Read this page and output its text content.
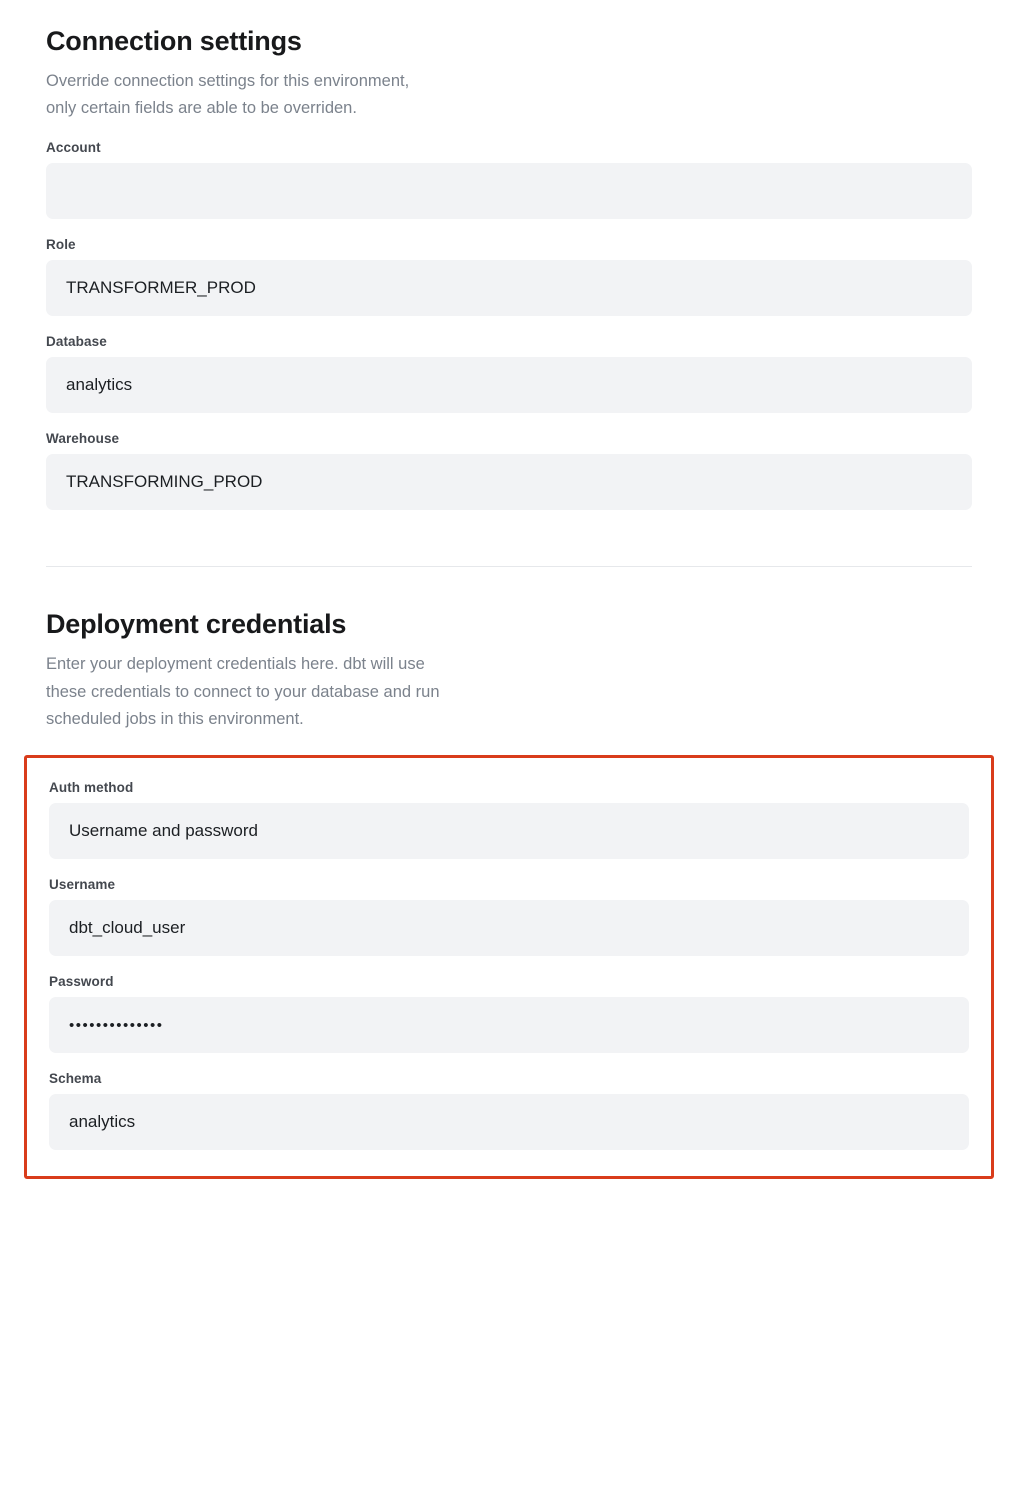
Connection settings

Override connection settings for this environment,
only certain fields are able to be overriden.

Account
Role
TRANSFORMER_PROD
Database
analytics
Warehouse
TRANSFORMING_PROD
Deployment credentials

Enter your deployment credentials here. dbt will use
these credentials to connect to your database and run
scheduled jobs in this environment.

Auth method
Username and password
Username
dbt_cloud_user
Password
••••••••••••••
Schema
analytics
